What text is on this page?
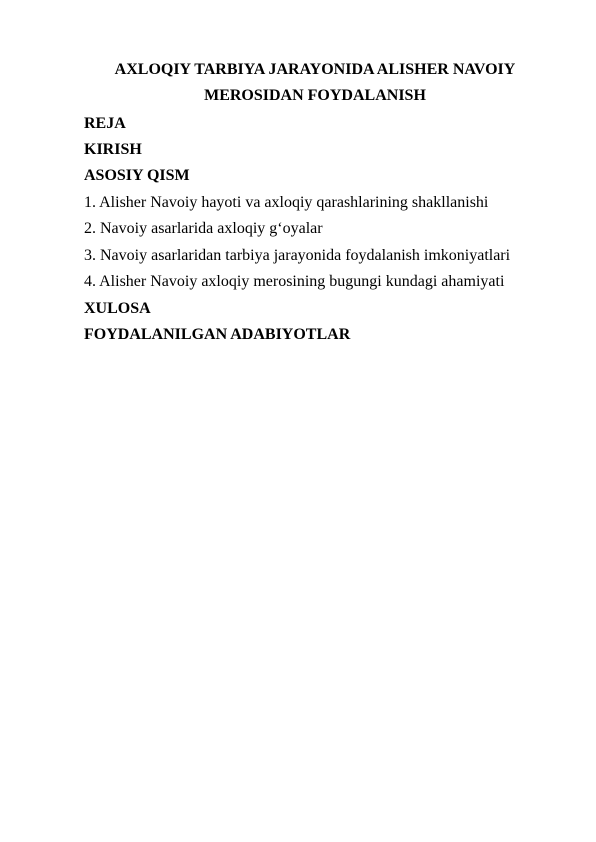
AXLOQIY TARBIYA JARAYONIDA ALISHER NAVOIY
MEROSIDAN FOYDALANISH
REJA
KIRISH
ASOSIY QISM
1. Alisher Navoiy hayoti va axloqiy qarashlarining shakllanishi
2. Navoiy asarlarida axloqiy g‘oyalar
3. Navoiy asarlaridan tarbiya jarayonida foydalanish imkoniyatlari
4. Alisher Navoiy axloqiy merosining bugungi kundagi ahamiyati
XULOSA
FOYDALANILGAN ADABIYOTLAR
